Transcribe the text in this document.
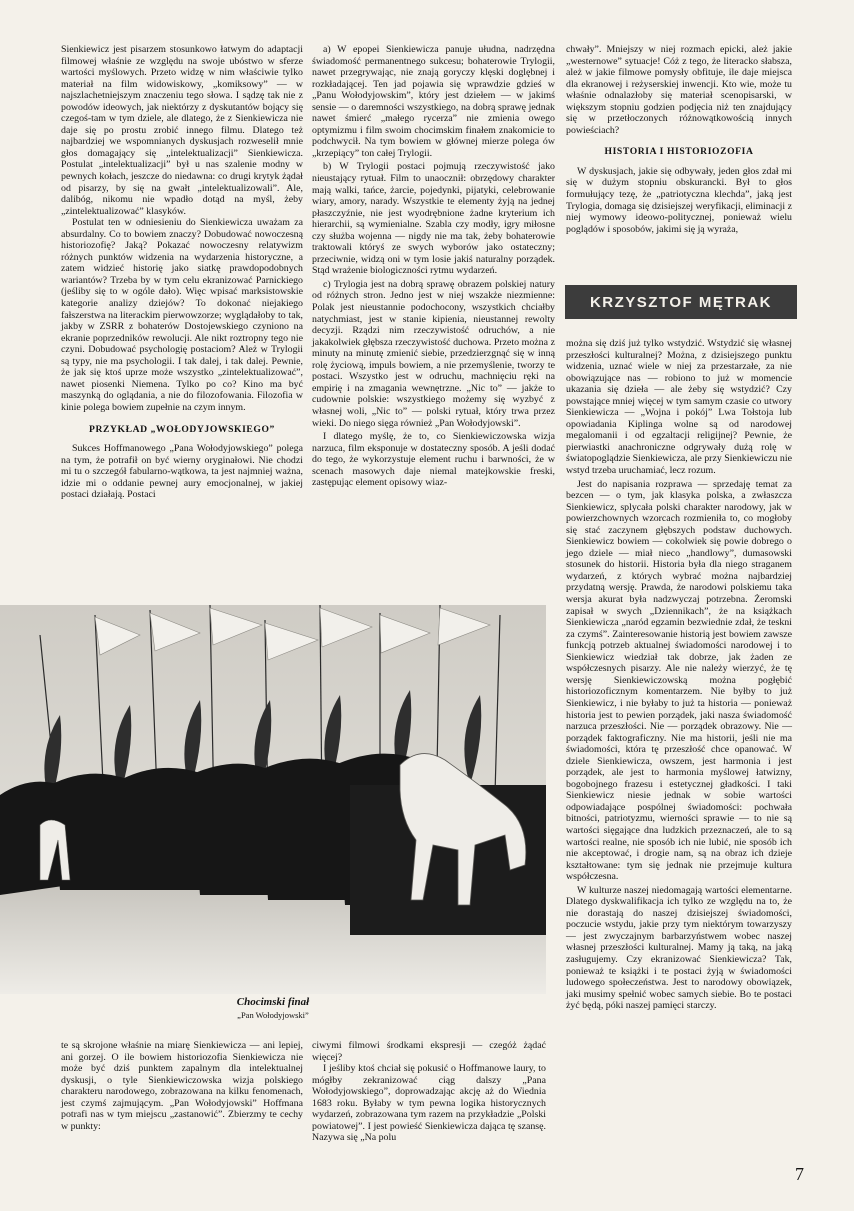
Sienkiewicz jest pisarzem stosunkowo łatwym do adaptacji filmowej właśnie ze względu na swoje ubóstwo w sferze wartości myślowych. Przeto widzę w nim właściwie tylko materiał na film widowiskowy, „komiksowy” — w najszlachetniejszym znaczeniu tego słowa. I sądzę tak nie z powodów ideowych, jak niektórzy z dyskutantów bojący się czegoś-tam w tym dziele, ale dlatego, że z Sienkiewicza nie daje się po prostu zrobić innego filmu. Dlatego też najbardziej we wspomnianych dyskusjach rozweselił mnie głos domagający się „intelektualizacji” Sienkiewicza. Postulat „intelektualizacji” był u nas szaleniе modny w pewnych kołach, jeszcze do niedawna: co drugi krytyk żądał od pisarzy, by się na gwałt „intelektualizowali”. Ale, dalibóg, nikomu nie wpadło dotąd na myśl, żeby „zintelektualizować” klasyków.

Postulat ten w odniesieniu do Sienkiewicza uważam za absurdalny. Co to bowiem znaczy? Dobudować nowoczesną historiozofię? Jaką? Pokazać nowoczesny relatywizm różnych punktów widzenia na wydarzenia historyczne, a zatem widzieć historię jako siatkę prawdopodobnych wariantów? Trzeba by w tym celu ekranizować Parnickiego (jeśliby się to w ogóle dało). Więc wpisać marksistowskie kategorie analizy dziejów? To dokonać niejakiego fałszerstwa na literackim pierwowzorze; wyglądałoby to tak, jakby w ZSRR z bohaterów Dostojewskiego czyniono na ekranie poprzedników rewolucji. Ale nikt roztropny tego nie czyni. Dobudować psychologię postaciom? Ależ w Trylogii są typy, nie ma psychologii. I tak dalej, i tak dalej. Pewnie, że jak się ktoś uprze może wszystko „zintelektualizować”, nawet piosenki Niemena. Tylko po co? Kino ma być maszynką do oglądania, a nie do filozofowania. Filozofia w kinie polega bowiem zupełnie na czym innym.

PRZYKŁAD „WOŁODYJOWSKIEGO”

Sukces Hoffmanowego „Pana Wołodyjowskiego” polega na tym, że potrafił on być wierny oryginałowi. Nie chodzi mi tu o szczegół fabularno-wątkowa, ta jest najmniej ważna, idzie mi o oddanie pewnej aury emocjonalnej, w jakiej postaci działają. Postaci

a) W epopei Sienkiewicza panuje ułudna, nadrzędna świadomość permanentnego sukcesu; bohaterowie Trylogii, nawet przegrywając, nie znają goryczy klęski doglębnej i rozkładającej. Ten jad pojawia się wprawdzie gdzieś w „Panu Wołodyjowskim”, który jest dziełem — w jakimś sensie — o daremności wszystkiego, na dobrą sprawę jednak nawet śmierć „małego rycerza” nie zmienia owego optymizmu i film swoim chocimskim finałem znakomicie to podchwycił. Na tym bowiem w głównej mierze polega ów „krzepiący” ton całej Trylogii.

b) W Trylogii postaci pojmują rzeczywistość jako nieustający rytuał. Film to unaocznił: obrzędowy charakter mają walki, tańce, żarcie, pojedynki, pijatyki, celebrowanie wiary, amory, narady. Wszystkie te elementy żyją na jednej płaszczyźnie, nie jest wyodrębnione żadne kryterium ich hierarchii, są wymienialne. Szabla czy modły, igry miłosne czy służba wojenna — nigdy nie ma tak, żeby bohaterowie traktowali któryś ze swych wyborów jako ostateczny; przeciwnie, widzą oni w tym losie jakiś naturalny porządek. Stąd wrażenie biologiczności rytmu wydarzeń.

c) Trylogia jest na dobrą sprawę obrazem polskiej natury od różnych stron. Jedno jest w niej wszakże niezmienne: Polak jest nieustannie podochocony, wszystkich chciałby natychmiast, jest w stanie kipienia, nieustannej rewolty decyzji. Rządzi nim rzeczywistość odruchów, a nie jakakolwiek głębsza rzeczywistość duchowa. Przeto można z minuty na minutę zmienić siebie, przedzierzgnąć się w inną rolę życiową, impuls bowiem, a nie przemyślenie, tworzy te postaci. Wszystko jest w odruchu, machnięciu ręki na empirię i na zmagania wewnętrzne. „Nic to” — jakże to cudownie polskie: wszystkiego możemy się wyzbyć z własnej woli, „Nic to” — polski rytuał, który trwa przez wieki. Do niego sięga również „Pan Wołodyjowski”.

I dlatego myślę, że to, co Sienkiewiczowska wizja narzuca, film eksponuje w dostateczny sposób. A jeśli dodać do tego, że wykorzystuje element ruchu i barwności, że w scenach masowych daje niemal matejkowskie freski, zastępując element opisowy wiaz-

chwały”. Mniejszy w niej rozmach epicki, ależ jakie „westernowe” sytuacje! Cóż z tego, że literacko słabsza, ależ w jakie filmowe pomysły obfituje, ile daje miejsca dla ekranowej i reżyserskiej inwencji. Kto wie, może tu właśnie odnalazłoby się materiał scenopisarski, w większym stopniu godzien podjęcia niż ten znajdujący się w przetłoczonych różnowątkowością innych powieściach?

HISTORIA I HISTORIOZOFIA

W dyskusjach, jakie się odbywały, jeden głos zdał mi się w dużym stopniu obskurancki. Był to głos formułujący tezę, że „patriotyczna klechda”, jaką jest Trylogia, domaga się dzisiejszej weryfikacji, eliminacji z niej wymowy ideowo-politycznej, ponieważ wielu poglądów i sposobów, jakimi się ją wyraża,

KRZYSZTOF MĘTRAK

można się dziś już tylko wstydzić. Wstydzić się własnej przeszłości kulturalnej? Można, z dzisiejszego punktu widzenia, uznać wiele w niej za przestarzałe, za nie obowiązujące nas — robiono to już w momencie ukazania się dzieła — ale żeby się wstydzić? Czy powstające mniej więcej w tym samym czasie co utwory Sienkiewicza — „Wojna i pokój” Lwa Tołstoja lub opowiadania Kiplinga wolne są od narodowej megalomanii i od egzaltacji religijnej? Pewnie, że pierwiastki anachroniczne odgrywały dużą rolę w światopoglądzie Sienkiewicza, ale przy Sienkiewiczu nie wstyd trzeba uruchamiać, lecz rozum.

Jest do napisania rozprawa — sprzedaję temat za bezcen — o tym, jak klasyka polska, a zwłaszcza Sienkiewicz, splycała polski charakter narodowy, jak w powierzchownych wzorcach rozmieniła to, co mogłoby się stać zaczynem głębszych podstaw duchowych. Sienkiewicz bowiem — cokolwiek się powie dobrego o jego dziele — miał nieco „handlowy”, dumasowski stosunek do historii. Historia była dla niego straganem wydarzeń, z których wybrać można najbardziej przydatną wersję. Prawda, że narodowi polskiemu taka wersja akurat była nadzwyczaj potrzebna. Żeromski zapisał w swych „Dziennikach”, że na książkach Sienkiewicza „naród egzamin bezwiednie zdał, że teskni za czymś”. Zainteresowanie historią jest bowiem zawsze funkcją potrzeb aktualnej świadomości narodowej i to Sienkiewicz wiedział tak dobrze, jak żaden ze współczesnych pisarzy. Ale nie należy wierzyć, że tę wersję Sienkiewiczowską można pogłębić historiozoficznym komentarzem. Nie byłby to już Sienkiewicz, i nie byłaby to już ta historia — ponieważ historia jest to pewien porządek, jaki nasza świadomość narzuca przeszłości. Nie — porządek obrazowy. Nie — porządek faktograficzny. Nie ma historii, jeśli nie ma świadomości, która tę przeszłość chce opanować. W dziele Sienkiewicza, owszem, jest harmonia i jest porządek, ale jest to harmonia myślowej łatwizny, bogobojnego frazesu i estetycznej gładkości. I taki Sienkiewicz niesie jednak w sobie wartości odpowiadające pospólnej świadomości: pochwała bitności, patriotyzmu, wierności sprawie — to nie są wartości sięgające dna ludzkich przeznaczeń, ale to są wartości realne, nie sposób ich nie lubić, nie sposób ich nie akceptować, i drogie nam, są na obraz ich dzieje kształtowane: tym się jednak nie przejmuje kultura współczesna.

W kulturze naszej niedomagają wartości elementarne. Dlatego dyskwalifikacja ich tylko ze względu na to, że nie dorastają do naszej dzisiejszej świadomości, poczucie wstydu, jakie przy tym niektórym towarzyszy — jest zwyczajnym barbarzyństwem wobec naszej własnej przeszłości kulturalnej. Mamy ją taką, na jaką zasługujemy. Czy ekranizować Sienkiewicza? Tak, ponieważ te książki i te postaci żyją w świadomości ludowego społeczeństwa. Jest to narodowy obowiązek, jaki musimy spełnić wobec samych siebie. Bo te postaci żyć będą, póki naszej pamięci starczy.

Chocimski finał
„Pan Wołodyjowski”

te są skrojone właśnie na miarę Sienkiewicza — ani lepiej, ani gorzej. O ile bowiem historiozofia Sienkiewicza nie może być dziś punktem zapalnym dla intelektualnej dyskusji, o tyle Sienkiewiczowska wizja polskiego charakteru narodowego, zobrazowana na kilku fenomenach, jest czymś zajmującym. „Pan Wołodyjowski” Hoffmana potrafi nas w tym miejscu „zastanowić”. Zbierzmy te cechy w punkty:

ciwymi filmowi środkami ekspresji — czegóż żądać więcej?

I jeśliby ktoś chciał się pokusić o Hoffmanowe laury, to mógłby zekranizować ciąg dalszy „Pana Wołodyjowskiego”, doprowadzając akcję aż do Wiednia 1683 roku. Byłaby w tym pewna logika historycznych wydarzeń, zobrazowana tym razem na przykładzie „Polski powiatowej”. I jest powieść Sienkiewicza dająca tę szansę. Nazywa się „Na polu

7
